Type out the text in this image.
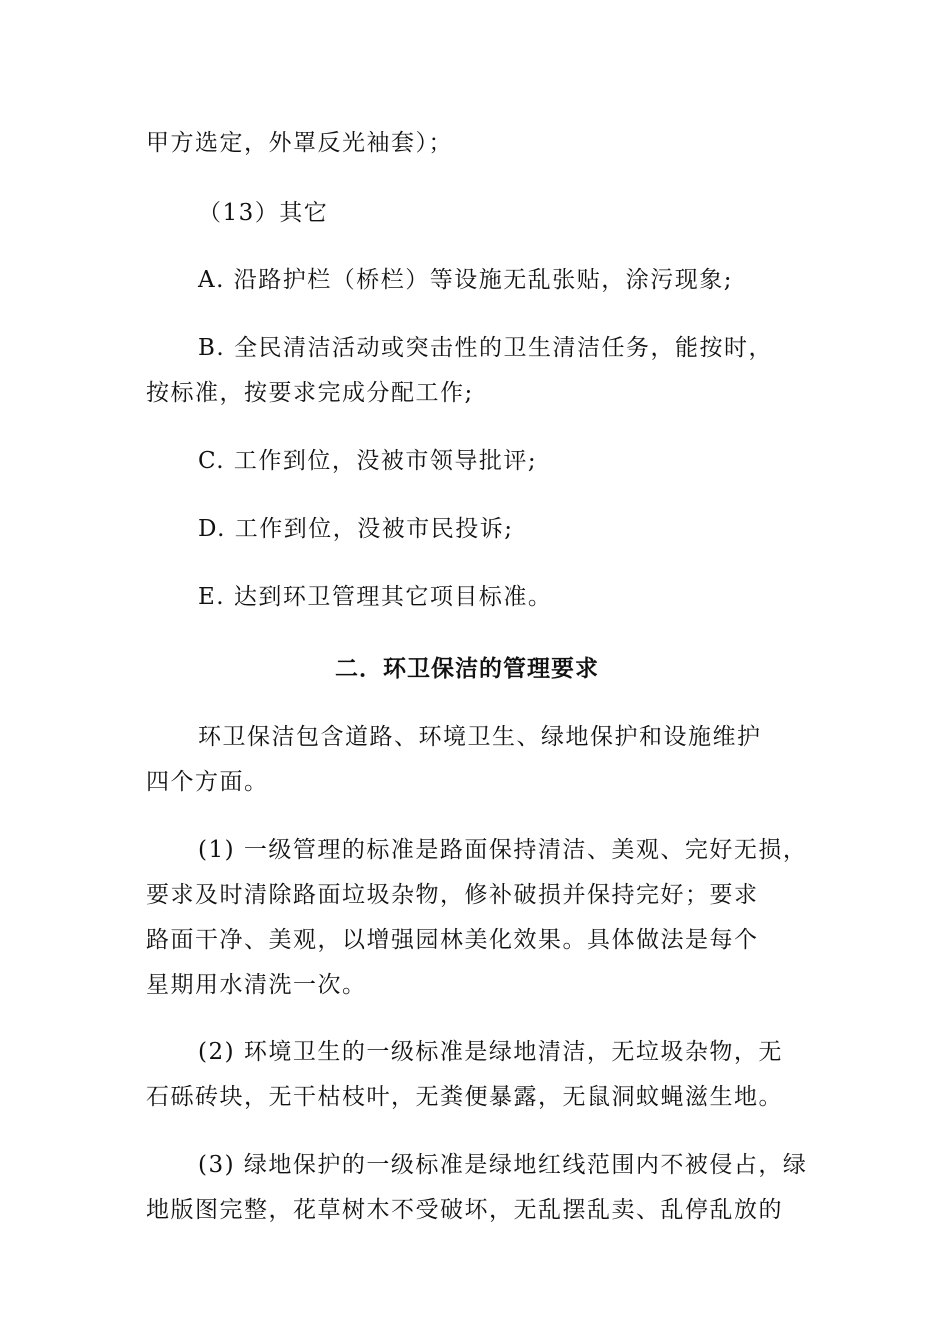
甲方选定，外罩反光袖套）；
（13）其它
A. 沿路护栏（桥栏）等设施无乱张贴，涂污现象;
B. 全民清洁活动或突击性的卫生清洁任务，能按时，
按标准，按要求完成分配工作;
C. 工作到位，没被市领导批评;
D. 工作到位，没被市民投诉;
E. 达到环卫管理其它项目标准。
二．环卫保洁的管理要求
环卫保洁包含道路、环境卫生、绿地保护和设施维护
四个方面。
(1) 一级管理的标准是路面保持清洁、美观、完好无损，
要求及时清除路面垃圾杂物，修补破损并保持完好；要求
路面干净、美观，以增强园林美化效果。具体做法是每个
星期用水清洗一次。
(2) 环境卫生的一级标准是绿地清洁，无垃圾杂物，无
石砾砖块，无干枯枝叶，无粪便暴露，无鼠洞蚊蝇滋生地。
(3) 绿地保护的一级标准是绿地红线范围内不被侵占，绿
地版图完整，花草树木不受破坏，无乱摆乱卖、乱停乱放的
